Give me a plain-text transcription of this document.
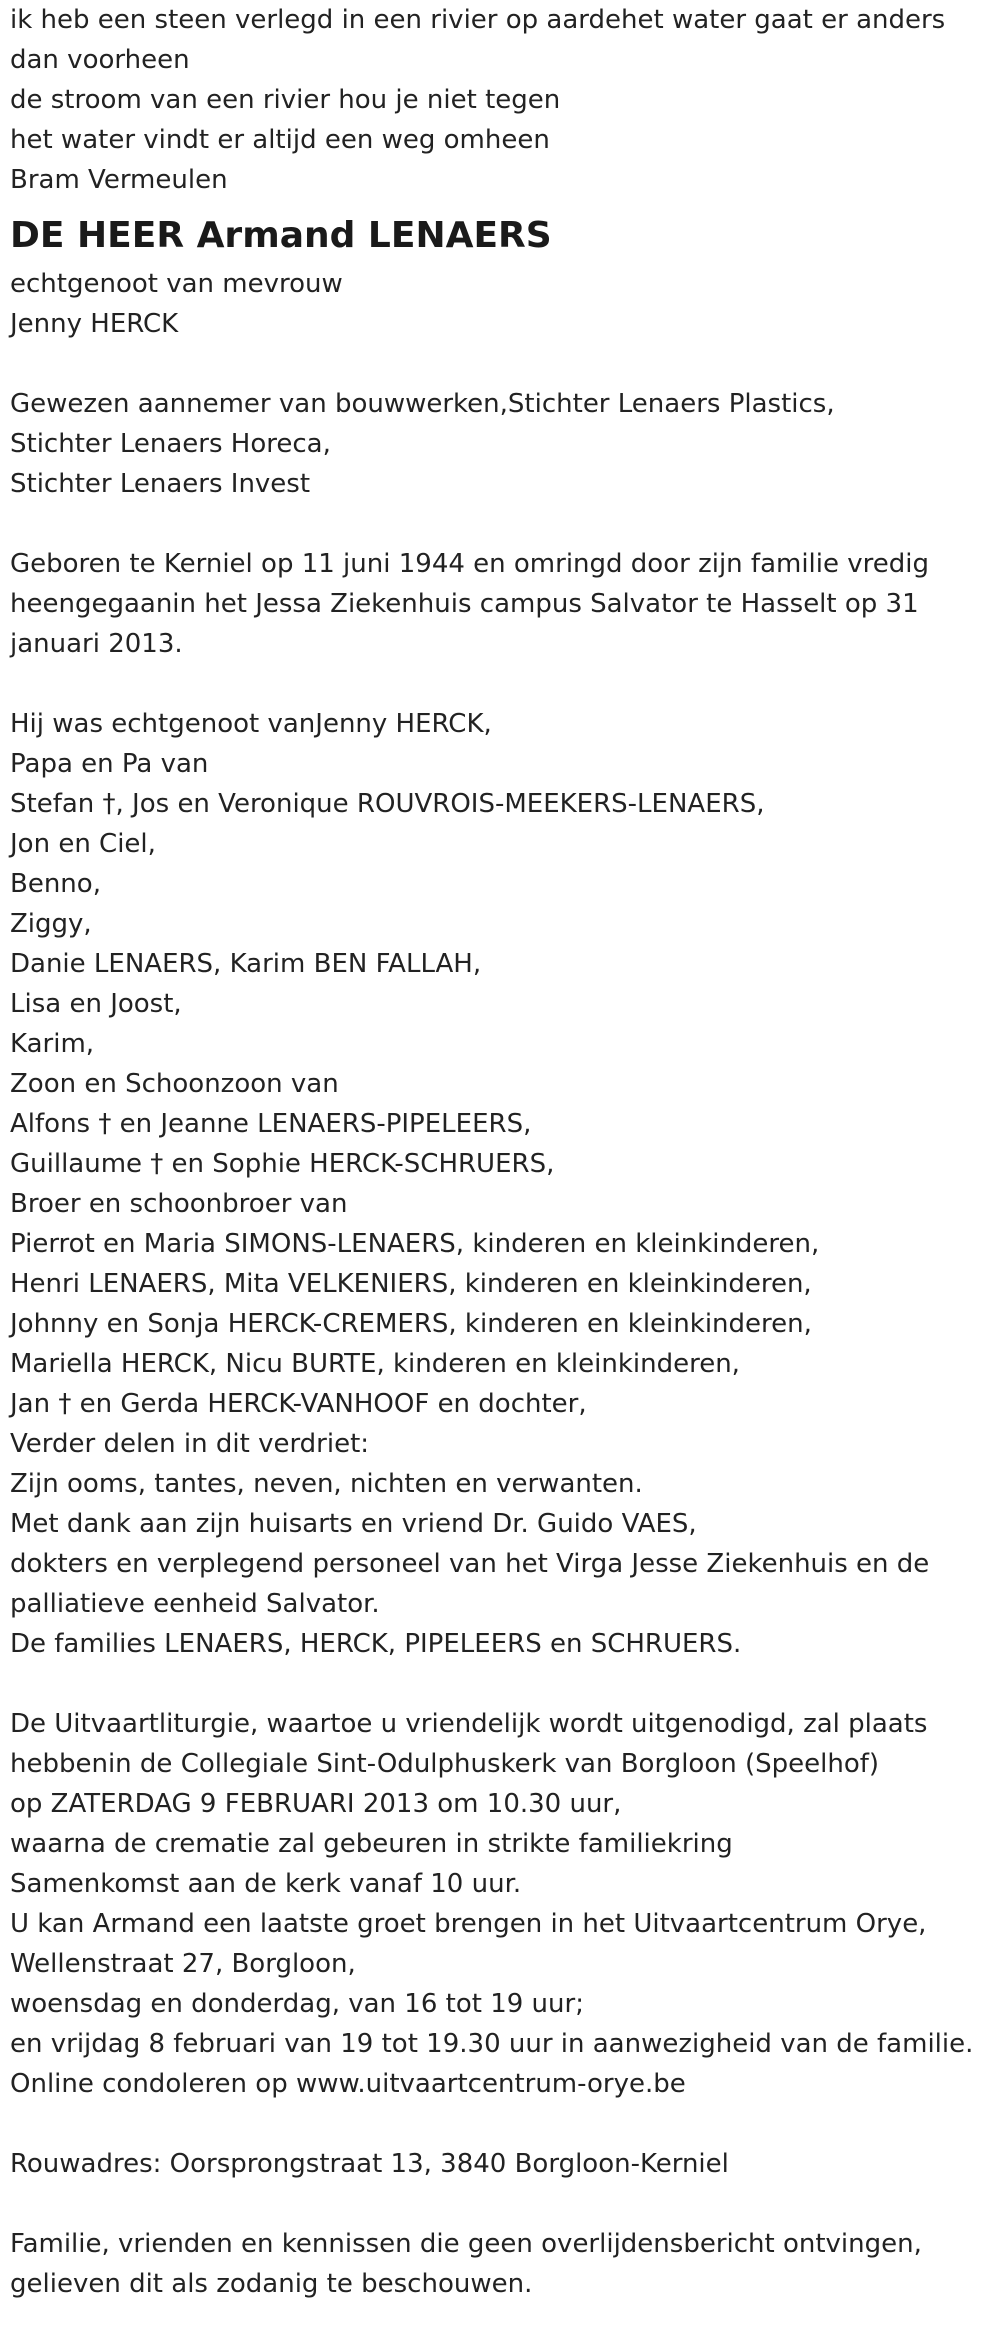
ik heb een steen verlegd in een rivier op aardehet water gaat er anders

dan voorheen

de stroom van een rivier hou je niet tegen

het water vindt er altijd een weg omheen

Bram Vermeulen

DE HEER Armand LENAERS

echtgenoot van mevrouw

Jenny HERCK

Gewezen aannemer van bouwwerken,Stichter Lenaers Plastics,

Stichter Lenaers Horeca,

Stichter Lenaers Invest

Geboren te Kerniel op 11 juni 1944 en omringd door zijn familie vredig

heengegaanin het Jessa Ziekenhuis campus Salvator te Hasselt op 31

januari 2013.

Hij was echtgenoot vanJenny HERCK,

Papa en Pa van

Stefan †, Jos en Veronique ROUVROIS-MEEKERS-LENAERS,

Jon en Ciel,

Benno,

Ziggy,

Danie LENAERS, Karim BEN FALLAH,

Lisa en Joost,

Karim,

Zoon en Schoonzoon van

Alfons † en Jeanne LENAERS-PIPELEERS,

Guillaume † en Sophie HERCK-SCHRUERS,

Broer en schoonbroer van

Pierrot en Maria SIMONS-LENAERS, kinderen en kleinkinderen,

Henri LENAERS, Mita VELKENIERS, kinderen en kleinkinderen,

Johnny en Sonja HERCK-CREMERS, kinderen en kleinkinderen,

Mariella HERCK, Nicu BURTE, kinderen en kleinkinderen,

Jan † en Gerda HERCK-VANHOOF en dochter,

Verder delen in dit verdriet:

Zijn ooms, tantes, neven, nichten en verwanten.

Met dank aan zijn huisarts en vriend Dr. Guido VAES,

dokters en verplegend personeel van het Virga Jesse Ziekenhuis en de

palliatieve eenheid Salvator.

De families LENAERS, HERCK, PIPELEERS en SCHRUERS.

De Uitvaartliturgie, waartoe u vriendelijk wordt uitgenodigd, zal plaats

hebbenin de Collegiale Sint-Odulphuskerk van Borgloon (Speelhof)

op ZATERDAG 9 FEBRUARI 2013 om 10.30 uur,

waarna de crematie zal gebeuren in strikte familiekring

Samenkomst aan de kerk vanaf 10 uur.

U kan Armand een laatste groet brengen in het Uitvaartcentrum Orye,

Wellenstraat 27, Borgloon,

woensdag en donderdag, van 16 tot 19 uur;

en vrijdag 8 februari van 19 tot 19.30 uur in aanwezigheid van de familie.

Online condoleren op www.uitvaartcentrum-orye.be

Rouwadres: Oorsprongstraat 13, 3840 Borgloon-Kerniel

Familie, vrienden en kennissen die geen overlijdensbericht ontvingen,

gelieven dit als zodanig te beschouwen.
